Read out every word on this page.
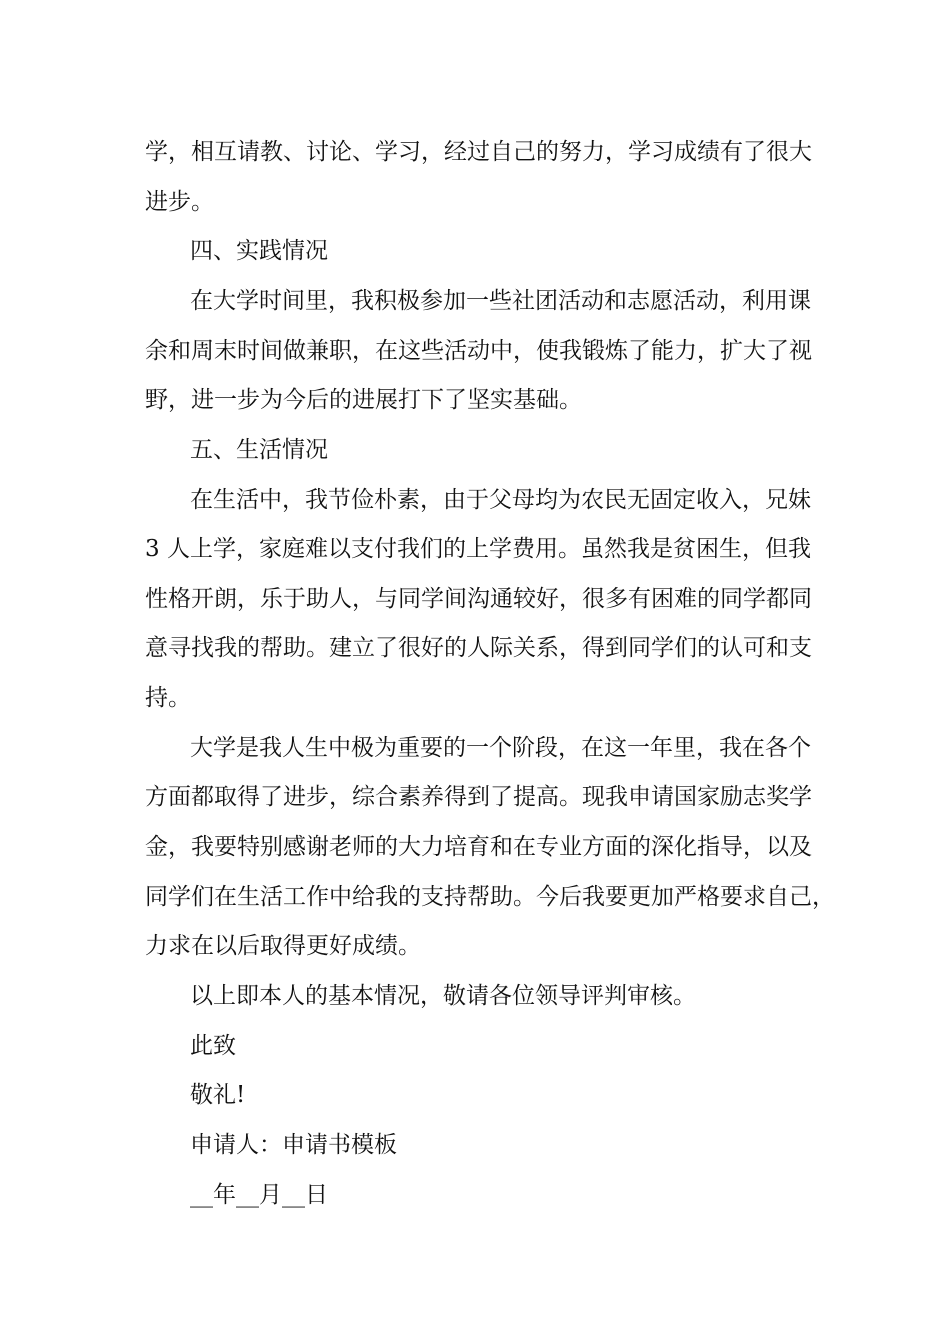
学，相互请教、讨论、学习，经过自己的努力，学习成绩有了很大
进步。
四、实践情况
在大学时间里，我积极参加一些社团活动和志愿活动，利用课
余和周末时间做兼职，在这些活动中，使我锻炼了能力，扩大了视
野，进一步为今后的进展打下了坚实基础。
五、生活情况
在生活中，我节俭朴素，由于父母均为农民无固定收入，兄妹
3 人上学，家庭难以支付我们的上学费用。虽然我是贫困生，但我
性格开朗，乐于助人，与同学间沟通较好，很多有困难的同学都同
意寻找我的帮助。建立了很好的人际关系，得到同学们的认可和支
持。
大学是我人生中极为重要的一个阶段，在这一年里，我在各个
方面都取得了进步，综合素养得到了提高。现我申请国家励志奖学
金，我要特别感谢老师的大力培育和在专业方面的深化指导，以及
同学们在生活工作中给我的支持帮助。今后我要更加严格要求自己，
力求在以后取得更好成绩。
以上即本人的基本情况，敬请各位领导评判审核。
此致
敬礼!
申请人：申请书模板
__年__月__日
